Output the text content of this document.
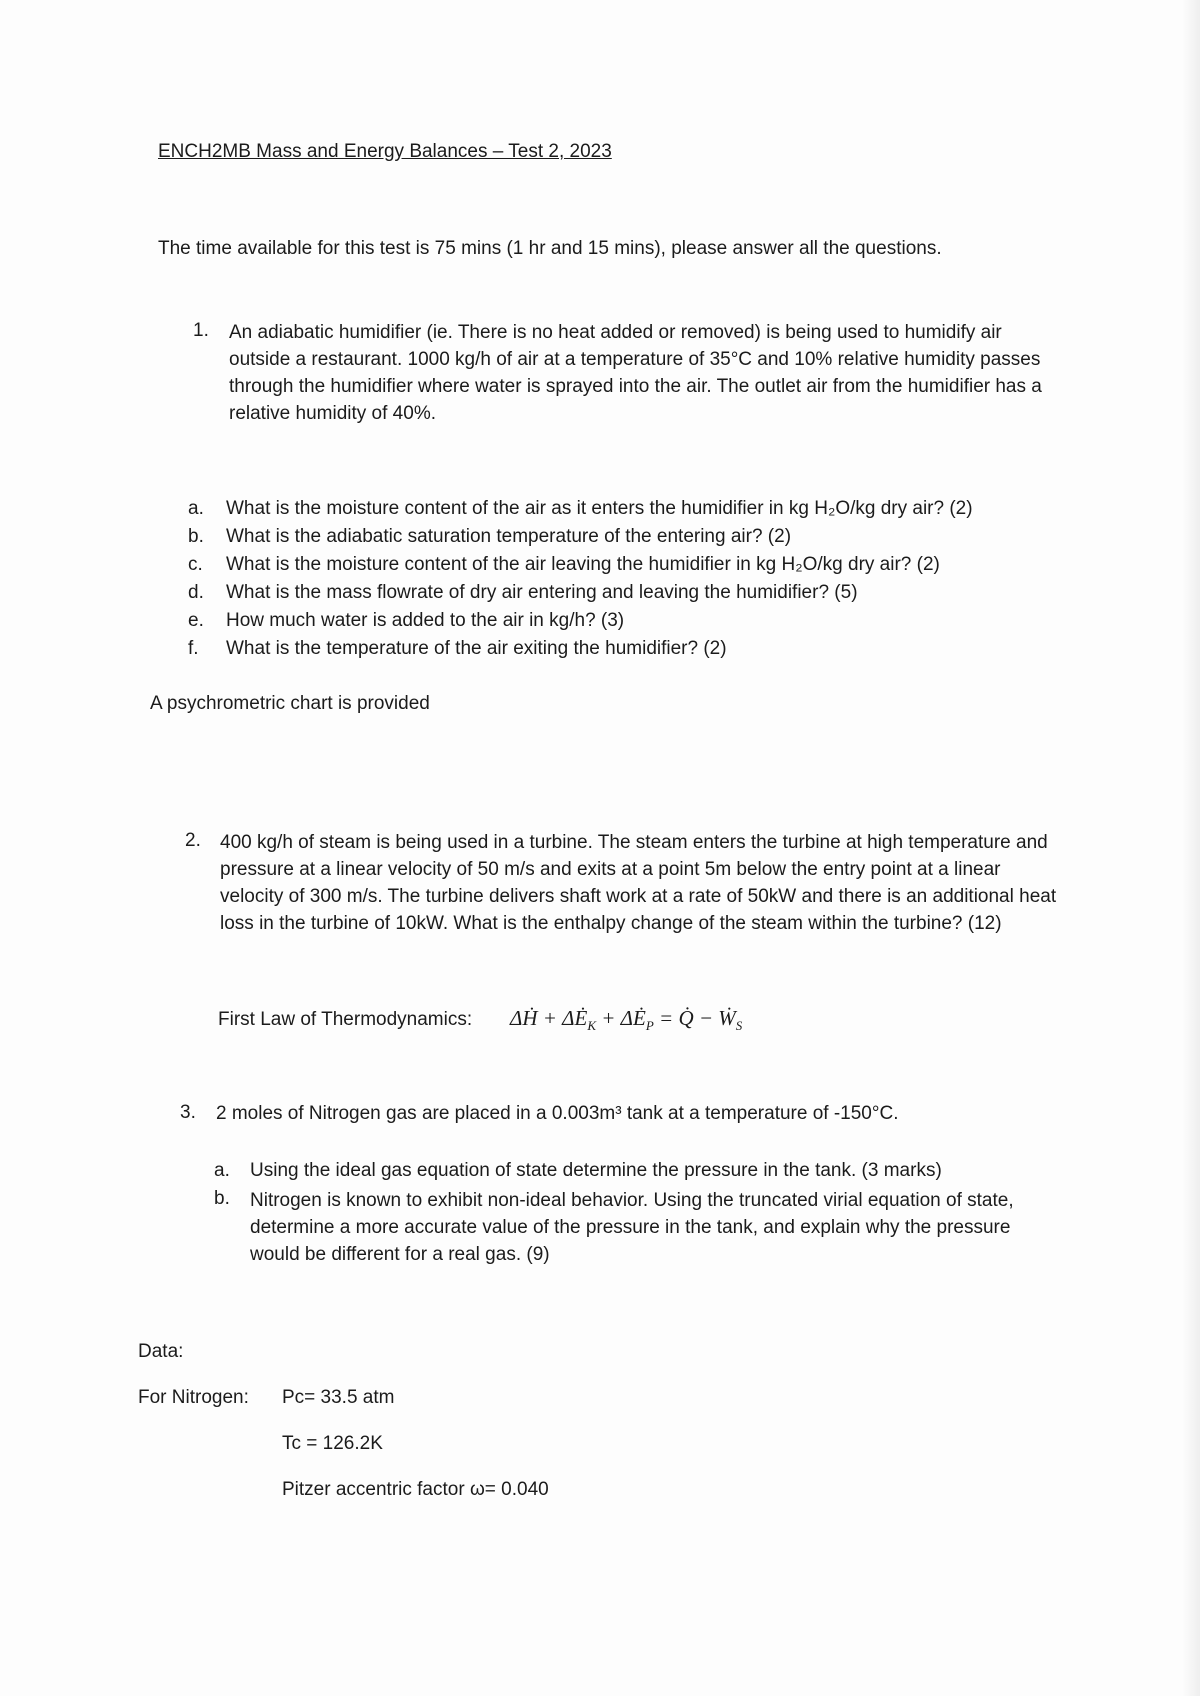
ENCH2MB Mass and Energy Balances – Test 2, 2023
The time available for this test is 75 mins (1 hr and 15 mins), please answer all the questions.
1. An adiabatic humidifier (ie. There is no heat added or removed) is being used to humidify air outside a restaurant. 1000 kg/h of air at a temperature of 35°C and 10% relative humidity passes through the humidifier where water is sprayed into the air. The outlet air from the humidifier has a relative humidity of 40%.
a.	What is the moisture content of the air as it enters the humidifier in kg H₂O/kg dry air? (2)
b.	What is the adiabatic saturation temperature of the entering air? (2)
c.	What is the moisture content of the air leaving the humidifier in kg H₂O/kg dry air? (2)
d.	What is the mass flowrate of dry air entering and leaving the humidifier? (5)
e.	How much water is added to the air in kg/h? (3)
f.	What is the temperature of the air exiting the humidifier? (2)
A psychrometric chart is provided
2. 400 kg/h of steam is being used in a turbine. The steam enters the turbine at high temperature and pressure at a linear velocity of 50 m/s and exits at a point 5m below the entry point at a linear velocity of 300 m/s. The turbine delivers shaft work at a rate of 50kW and there is an additional heat loss in the turbine of 10kW. What is the enthalpy change of the steam within the turbine? (12)
First Law of Thermodynamics: ΔḢ + $\Delta Ė_K$ + $\Delta Ė_P$ = Q̇ − Ẇ$_S$
3. 2 moles of Nitrogen gas are placed in a 0.003m³ tank at a temperature of -150°C.
a.	Using the ideal gas equation of state determine the pressure in the tank. (3 marks)
b. Nitrogen is known to exhibit non-ideal behavior. Using the truncated virial equation of state, determine a more accurate value of the pressure in the tank, and explain why the pressure would be different for a real gas. (9)
Data:
For Nitrogen: Pc= 33.5 atm
Tc = 126.2K
Pitzer accentric factor ω= 0.040
